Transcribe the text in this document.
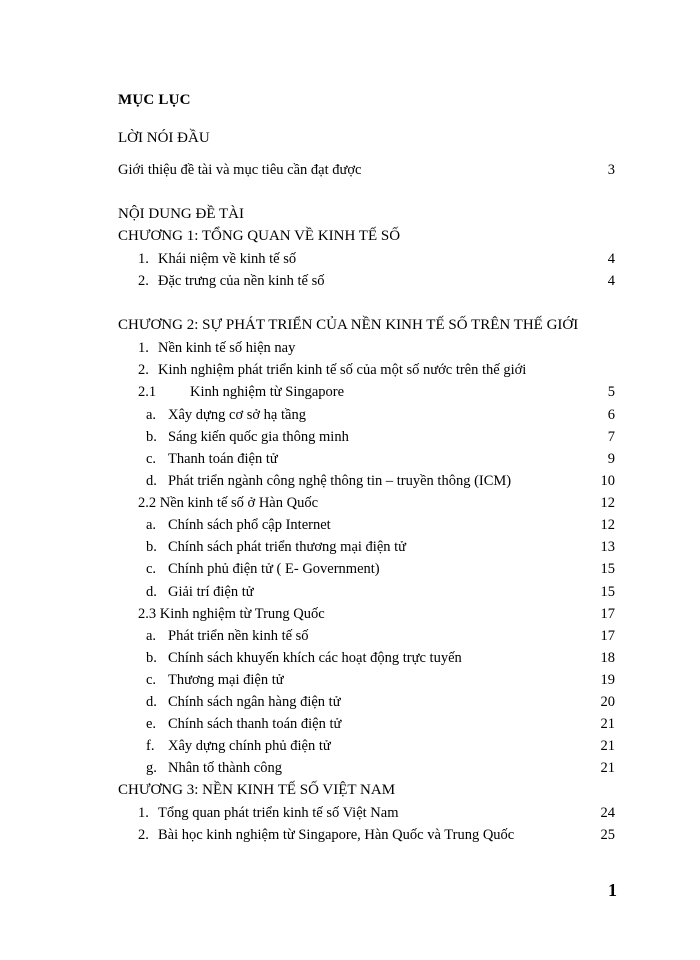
MỤC LỤC
LỜI NÓI ĐẦU
Giới thiệu đề tài và mục tiêu cần đạt được	3
NỘI DUNG ĐỀ TÀI
CHƯƠNG 1: TỔNG QUAN VỀ KINH TẾ SỐ
1. Khái niệm về kinh tế số	4
2. Đặc trưng của nền kinh tế số	4
CHƯƠNG 2: SỰ PHÁT TRIỂN CỦA NỀN KINH TẾ SỐ TRÊN THẾ GIỚI
1. Nền kinh tế số hiện nay
2. Kinh nghiệm phát triển kinh tế số của một số nước trên thế giới
2.1 Kinh nghiệm từ Singapore	5
a. Xây dựng cơ sở hạ tầng	6
b. Sáng kiến quốc gia thông minh	7
c. Thanh toán điện tử	9
d. Phát triển ngành công nghệ thông tin – truyền thông (ICM)	10
2.2 Nền kinh tế số ở Hàn Quốc	12
a. Chính sách phổ cập Internet	12
b. Chính sách phát triển thương mại điện tử	13
c. Chính phủ điện tử ( E- Government)	15
d. Giải trí điện tử	15
2.3 Kinh nghiệm từ Trung Quốc	17
a. Phát triển nền kinh tế số	17
b. Chính sách khuyến khích các hoạt động trực tuyến	18
c. Thương mại điện tử	19
d. Chính sách ngân hàng điện tử	20
e. Chính sách thanh toán điện tử	21
f. Xây dựng chính phủ điện tử	21
g. Nhân tố thành công	21
CHƯƠNG 3: NỀN KINH TẾ SỐ VIỆT NAM
1. Tổng quan phát triển kinh tế số Việt Nam	24
2. Bài học kinh nghiệm từ Singapore, Hàn Quốc và Trung Quốc	25
1
